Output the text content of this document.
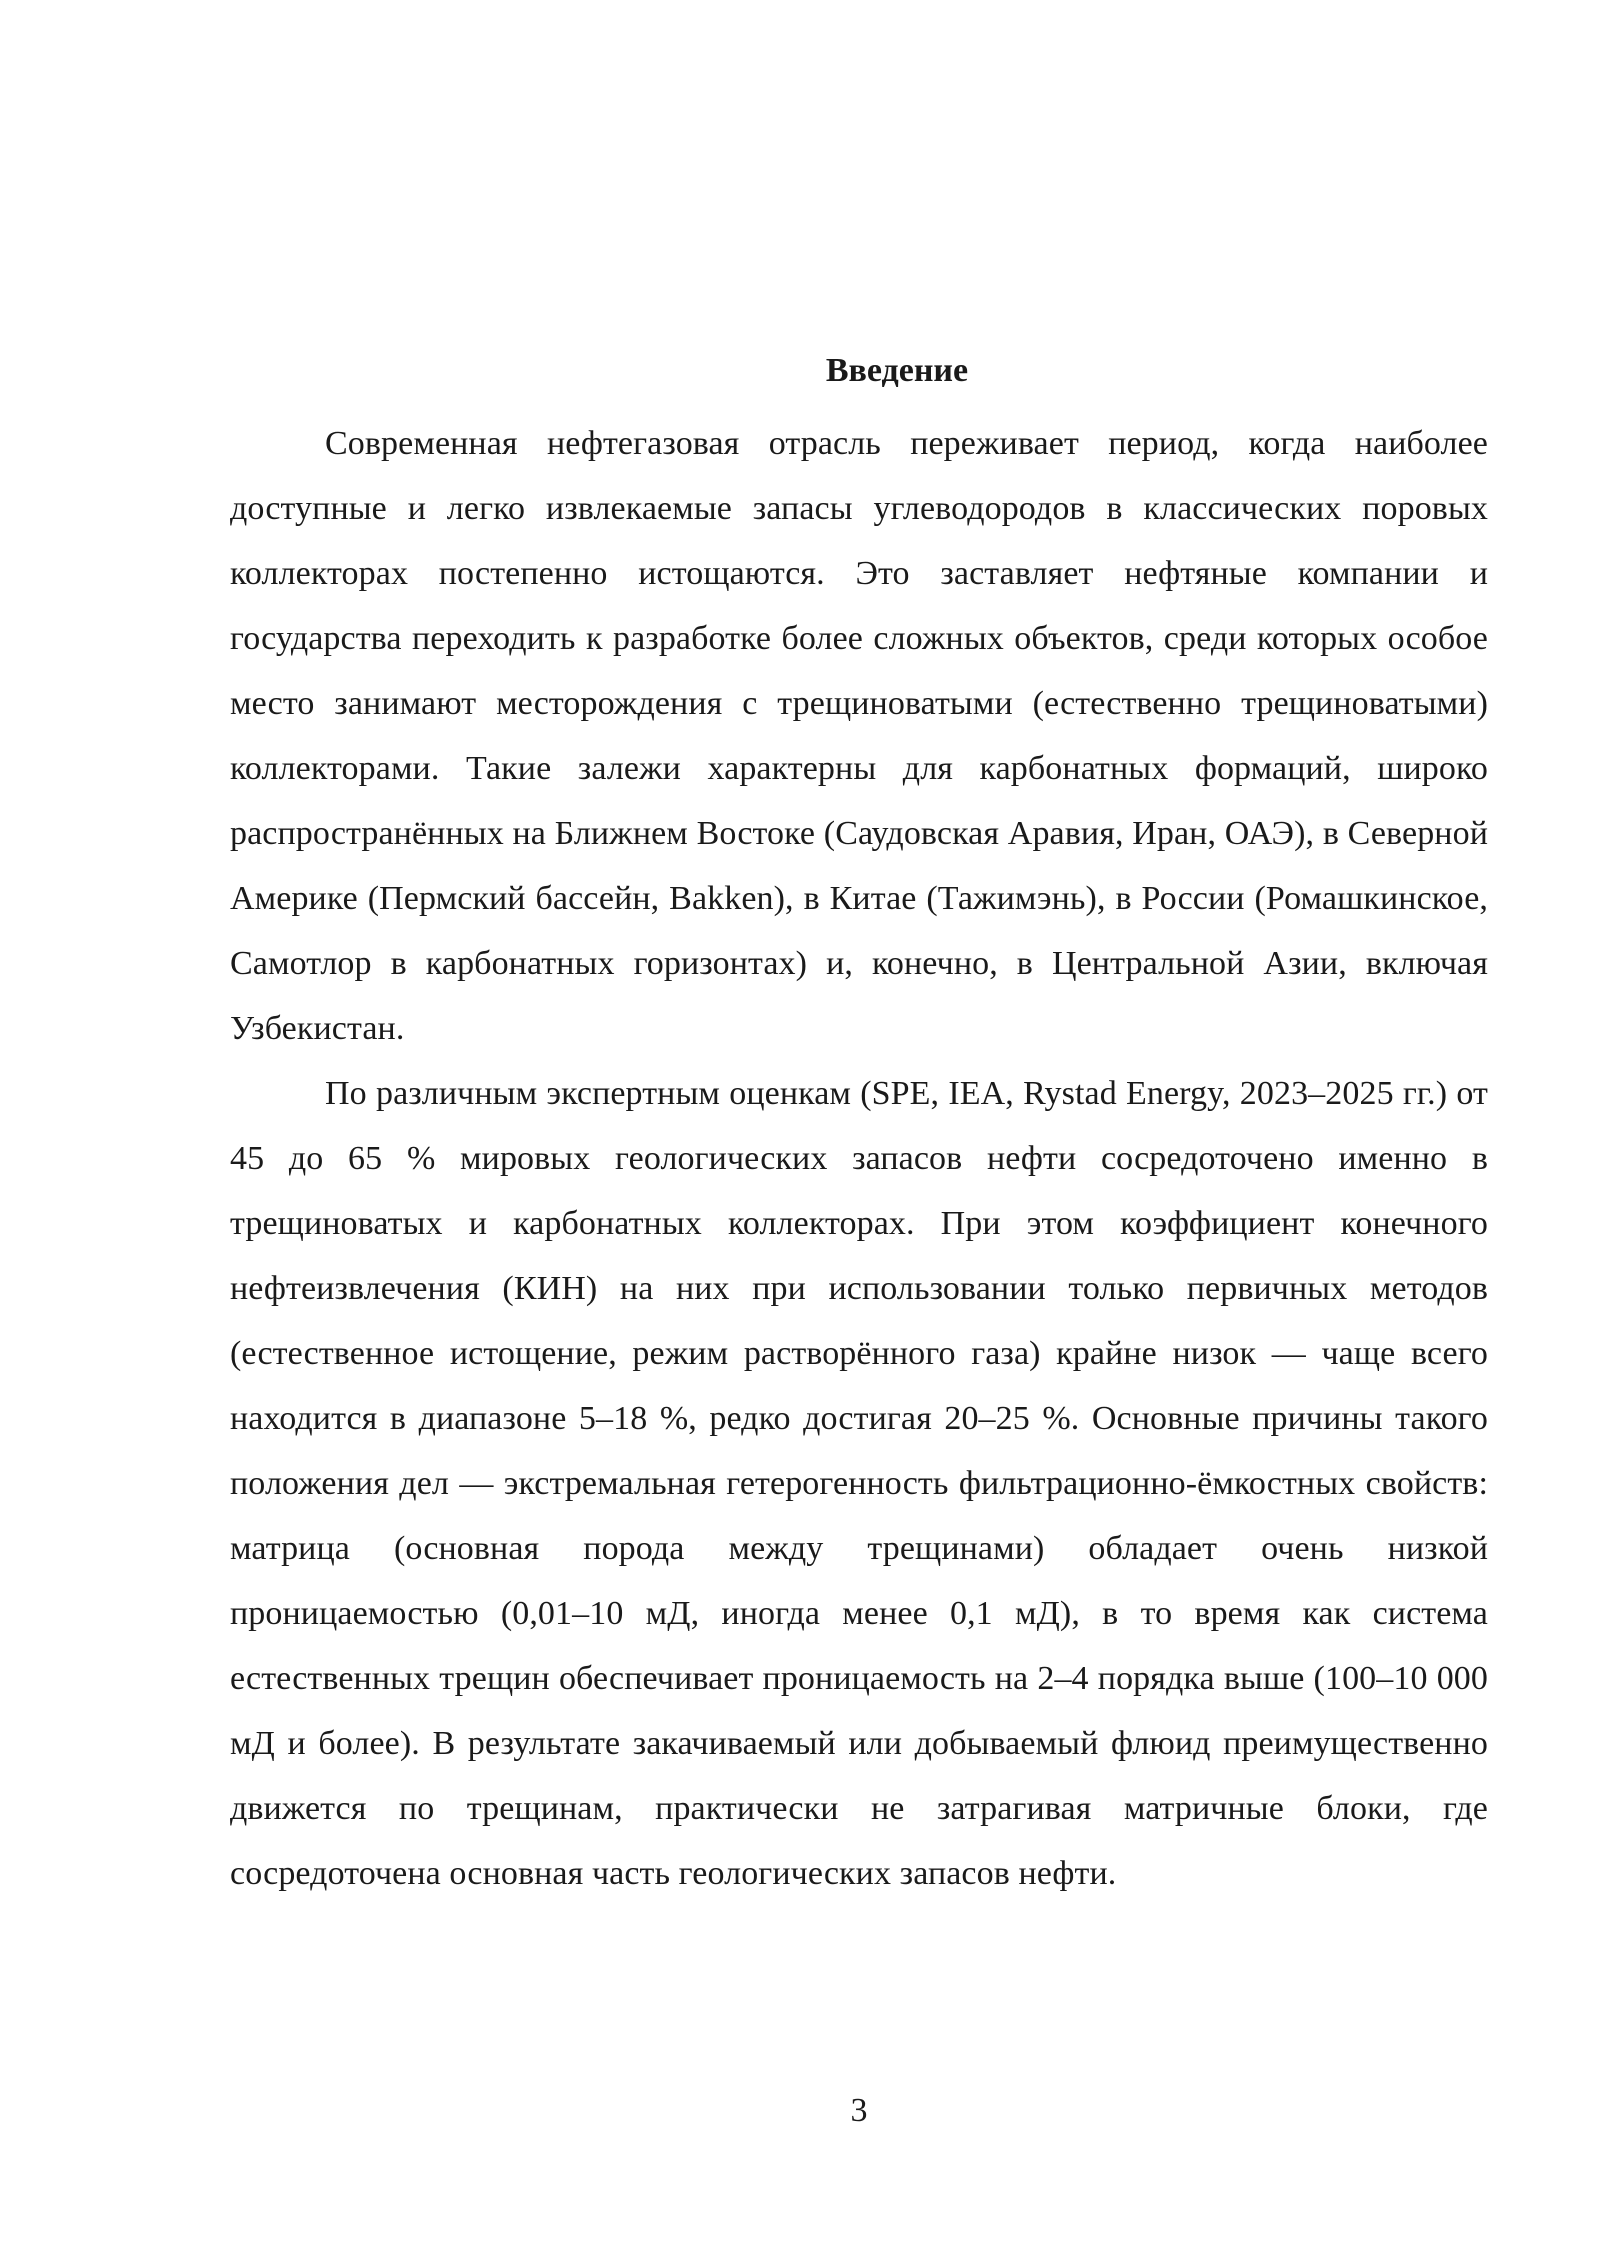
Введение

Современная нефтегазовая отрасль переживает период, когда наиболее доступные и легко извлекаемые запасы углеводородов в классических поровых коллекторах постепенно истощаются. Это заставляет нефтяные компании и государства переходить к разработке более сложных объектов, среди которых особое место занимают месторождения с трещиноватыми (естественно трещиноватыми) коллекторами. Такие залежи характерны для карбонатных формаций, широко распространённых на Ближнем Востоке (Саудовская Аравия, Иран, ОАЭ), в Северной Америке (Пермский бассейн, Bakken), в Китае (Тажимэнь), в России (Ромашкинское, Самотлор в карбонатных горизонтах) и, конечно, в Центральной Азии, включая Узбекистан.

По различным экспертным оценкам (SPE, IEA, Rystad Energy, 2023–2025 гг.) от 45 до 65 % мировых геологических запасов нефти сосредоточено именно в трещиноватых и карбонатных коллекторах. При этом коэффициент конечного нефтеизвлечения (КИН) на них при использовании только первичных методов (естественное истощение, режим растворённого газа) крайне низок — чаще всего находится в диапазоне 5–18 %, редко достигая 20–25 %. Основные причины такого положения дел — экстремальная гетерогенность фильтрационно-ёмкостных свойств: матрица (основная порода между трещинами) обладает очень низкой проницаемостью (0,01–10 мД, иногда менее 0,1 мД), в то время как система естественных трещин обеспечивает проницаемость на 2–4 порядка выше (100–10 000 мД и более). В результате закачиваемый или добываемый флюид преимущественно движется по трещинам, практически не затрагивая матричные блоки, где сосредоточена основная часть геологических запасов нефти.

3
